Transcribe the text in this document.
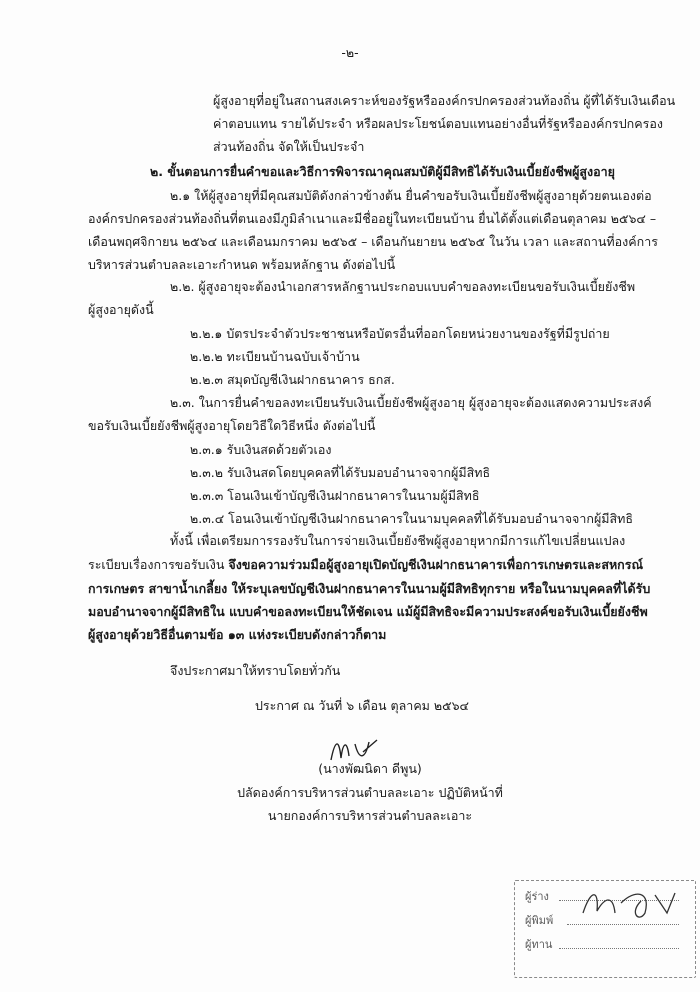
-๒-
ผู้สูงอายุที่อยู่ในสถานสงเคราะห์ของรัฐหรือองค์กรปกครองส่วนท้องถิ่น ผู้ที่ได้รับเงินเดือน
ค่าตอบแทน รายได้ประจำ หรือผลประโยชน์ตอบแทนอย่างอื่นที่รัฐหรือองค์กรปกครอง
ส่วนท้องถิ่น จัดให้เป็นประจำ
๒. ขั้นตอนการยื่นคำขอและวิธีการพิจารณาคุณสมบัติผู้มีสิทธิได้รับเงินเบี้ยยังชีพผู้สูงอายุ
๒.๑ ให้ผู้สูงอายุที่มีคุณสมบัติดังกล่าวข้างต้น ยื่นคำขอรับเงินเบี้ยยังชีพผู้สูงอายุด้วยตนเองต่อ
องค์กรปกครองส่วนท้องถิ่นที่ตนเองมีภูมิลำเนาและมีชื่ออยู่ในทะเบียนบ้าน ยื่นได้ตั้งแต่เดือนตุลาคม ๒๕๖๔ –
เดือนพฤศจิกายน ๒๕๖๔ และเดือนมกราคม ๒๕๖๕ – เดือนกันยายน ๒๕๖๕ ในวัน เวลา และสถานที่องค์การ
บริหารส่วนตำบลละเอาะกำหนด พร้อมหลักฐาน ดังต่อไปนี้
๒.๒. ผู้สูงอายุจะต้องนำเอกสารหลักฐานประกอบแบบคำขอลงทะเบียนขอรับเงินเบี้ยยังชีพ
ผู้สูงอายุดังนี้
๒.๒.๑ บัตรประจำตัวประชาชนหรือบัตรอื่นที่ออกโดยหน่วยงานของรัฐที่มีรูปถ่าย
๒.๒.๒ ทะเบียนบ้านฉบับเจ้าบ้าน
๒.๒.๓ สมุดบัญชีเงินฝากธนาคาร ธกส.
๒.๓. ในการยื่นคำขอลงทะเบียนรับเงินเบี้ยยังชีพผู้สูงอายุ ผู้สูงอายุจะต้องแสดงความประสงค์
ขอรับเงินเบี้ยยังชีพผู้สูงอายุโดยวิธีใดวิธีหนึ่ง ดังต่อไปนี้
๒.๓.๑ รับเงินสดด้วยตัวเอง
๒.๓.๒ รับเงินสดโดยบุคคลที่ได้รับมอบอำนาจจากผู้มีสิทธิ
๒.๓.๓ โอนเงินเข้าบัญชีเงินฝากธนาคารในนามผู้มีสิทธิ
๒.๓.๔ โอนเงินเข้าบัญชีเงินฝากธนาคารในนามบุคคลที่ได้รับมอบอำนาจจากผู้มีสิทธิ
ทั้งนี้ เพื่อเตรียมการรองรับในการจ่ายเงินเบี้ยยังชีพผู้สูงอายุหากมีการแก้ไขเปลี่ยนแปลง
ระเบียบเรื่องการขอรับเงิน จึงขอความร่วมมือผู้สูงอายุเปิดบัญชีเงินฝากธนาคารเพื่อการเกษตรและสหกรณ์
การเกษตร สาขาน้ำเกลี้ยง ให้ระบุเลขบัญชีเงินฝากธนาคารในนามผู้มีสิทธิทุกราย หรือในนามบุคคลที่ได้รับ
มอบอำนาจจากผู้มีสิทธิใน แบบคำขอลงทะเบียนให้ชัดเจน แม้ผู้มีสิทธิจะมีความประสงค์ขอรับเงินเบี้ยยังชีพ
ผู้สูงอายุด้วยวิธีอื่นตามข้อ ๑๓ แห่งระเบียบดังกล่าวก็ตาม
จึงประกาศมาให้ทราบโดยทั่วกัน
ประกาศ ณ วันที่ ๖ เดือน ตุลาคม ๒๕๖๔
(นางพัฒนิดา ดีพูน)
ปลัดองค์การบริหารส่วนตำบลละเอาะ ปฏิบัติหน้าที่
นายกองค์การบริหารส่วนตำบลละเอาะ
ผู้ร่าง
ผู้พิมพ์
ผู้ทาน
